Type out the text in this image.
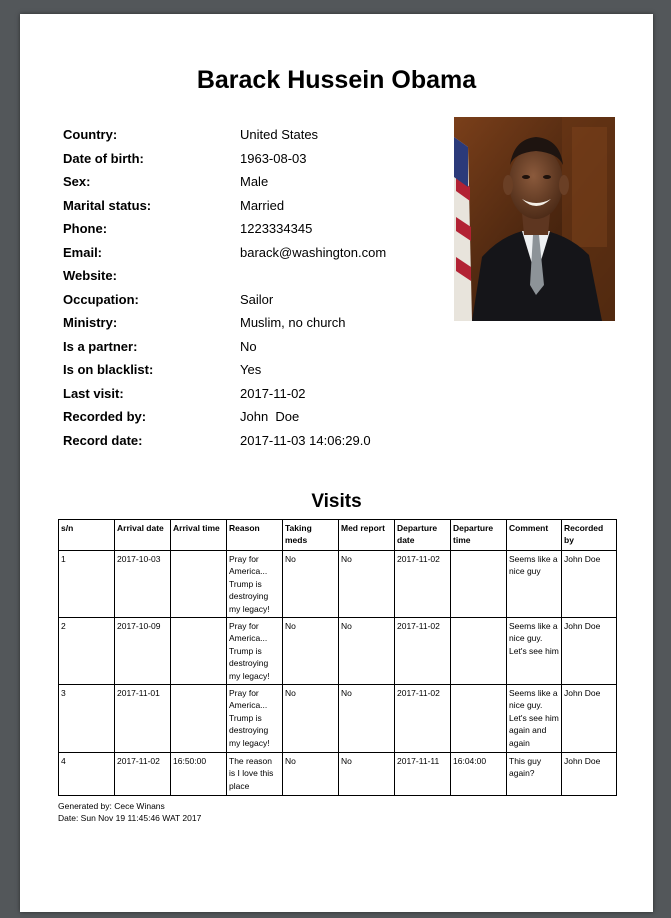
Barack Hussein Obama
Country:	United States
Date of birth:	1963-08-03
Sex:	Male
Marital status:	Married
Phone:	1223334345
Email:	barack@washington.com
Website:
Occupation:	Sailor
Ministry:	Muslim, no church
Is a partner:	No
Is on blacklist:	Yes
Last visit:	2017-11-02
Recorded by:	John  Doe
Record date:	2017-11-03 14:06:29.0
Visits
s/n	Arrival date	Arrival time	Reason	Taking meds	Med report	Departure date	Departure time	Comment	Recorded by
1	2017-10-03		Pray for America... Trump is destroying my legacy!	No	No	2017-11-02		Seems like a nice guy	John Doe
2	2017-10-09		Pray for America... Trump is destroying my legacy!	No	No	2017-11-02		Seems like a nice guy. Let's see him	John Doe
3	2017-11-01		Pray for America... Trump is destroying my legacy!	No	No	2017-11-02		Seems like a nice guy. Let's see him again and again	John Doe
4	2017-11-02	16:50:00	The reason is I love this place	No	No	2017-11-11	16:04:00	This guy again?	John Doe
Generated by: Cece Winans
Date: Sun Nov 19 11:45:46 WAT 2017
